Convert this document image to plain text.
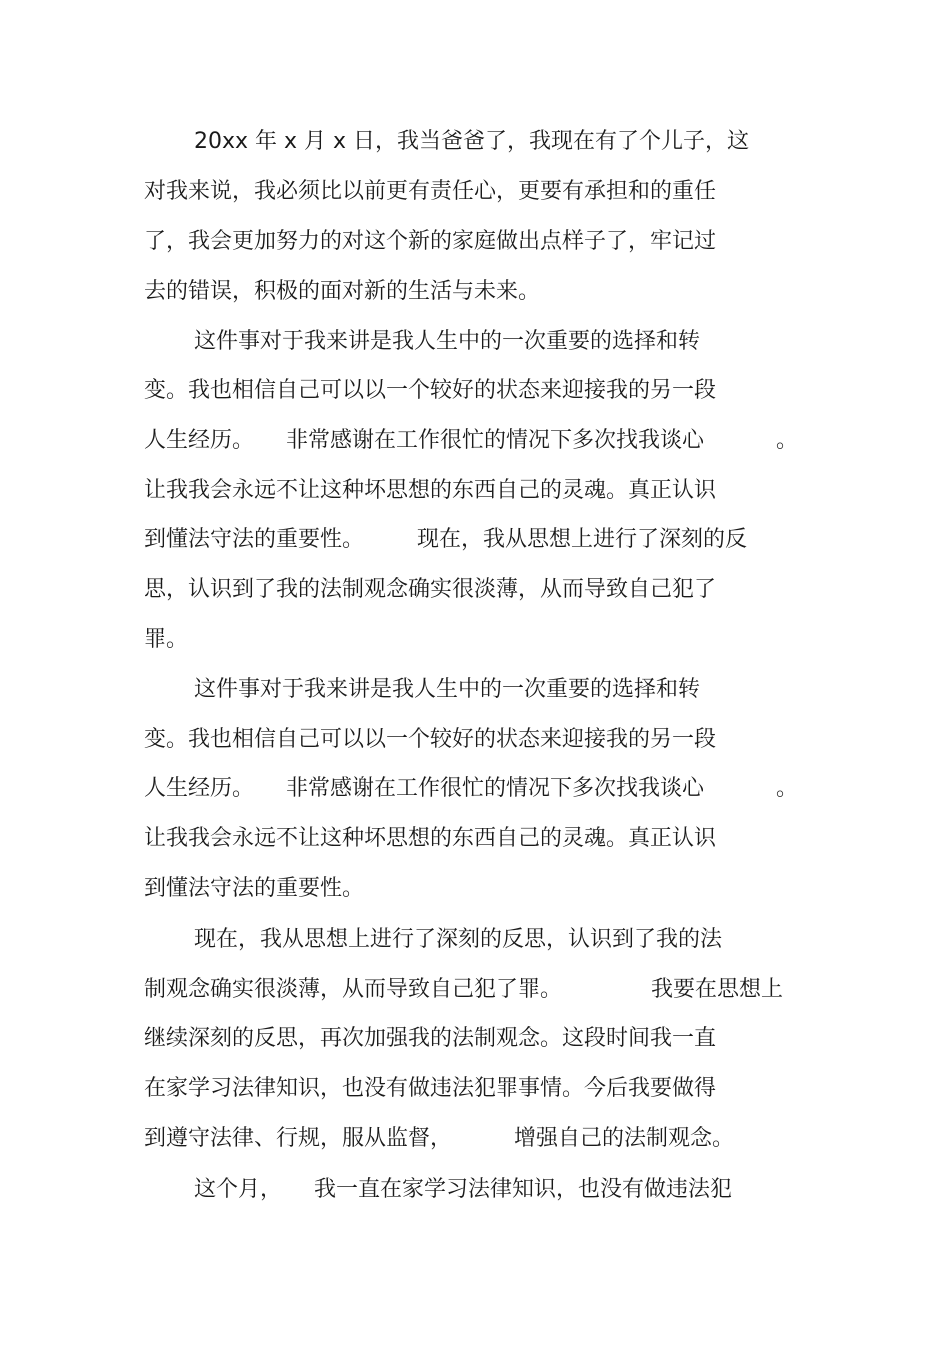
20xx 年 x 月 x 日，我当爸爸了，我现在有了个儿子，这
对我来说，我必须比以前更有责任心，更要有承担和的重任
了，我会更加努力的对这个新的家庭做出点样子了，牢记过
去的错误，积极的面对新的生活与未来。
这件事对于我来讲是我人生中的一次重要的选择和转
变。我也相信自己可以以一个较好的状态来迎接我的另一段
人生经历。 非常感谢在工作很忙的情况下多次找我谈心	。
让我我会永远不让这种坏思想的东西自己的灵魂。真正认识
到懂法守法的重要性。 现在，我从思想上进行了深刻的反
思，认识到了我的法制观念确实很淡薄，从而导致自己犯了
罪。
这件事对于我来讲是我人生中的一次重要的选择和转
变。我也相信自己可以以一个较好的状态来迎接我的另一段
人生经历。 非常感谢在工作很忙的情况下多次找我谈心	。
让我我会永远不让这种坏思想的东西自己的灵魂。真正认识
到懂法守法的重要性。
现在，我从思想上进行了深刻的反思，认识到了我的法
制观念确实很淡薄，从而导致自己犯了罪。	我要在思想上
继续深刻的反思，再次加强我的法制观念。这段时间我一直
在家学习法律知识，也没有做违法犯罪事情。今后我要做得
到遵守法律、行规，服从监督，	增强自己的法制观念。
这个月， 我一直在家学习法律知识，也没有做违法犯
